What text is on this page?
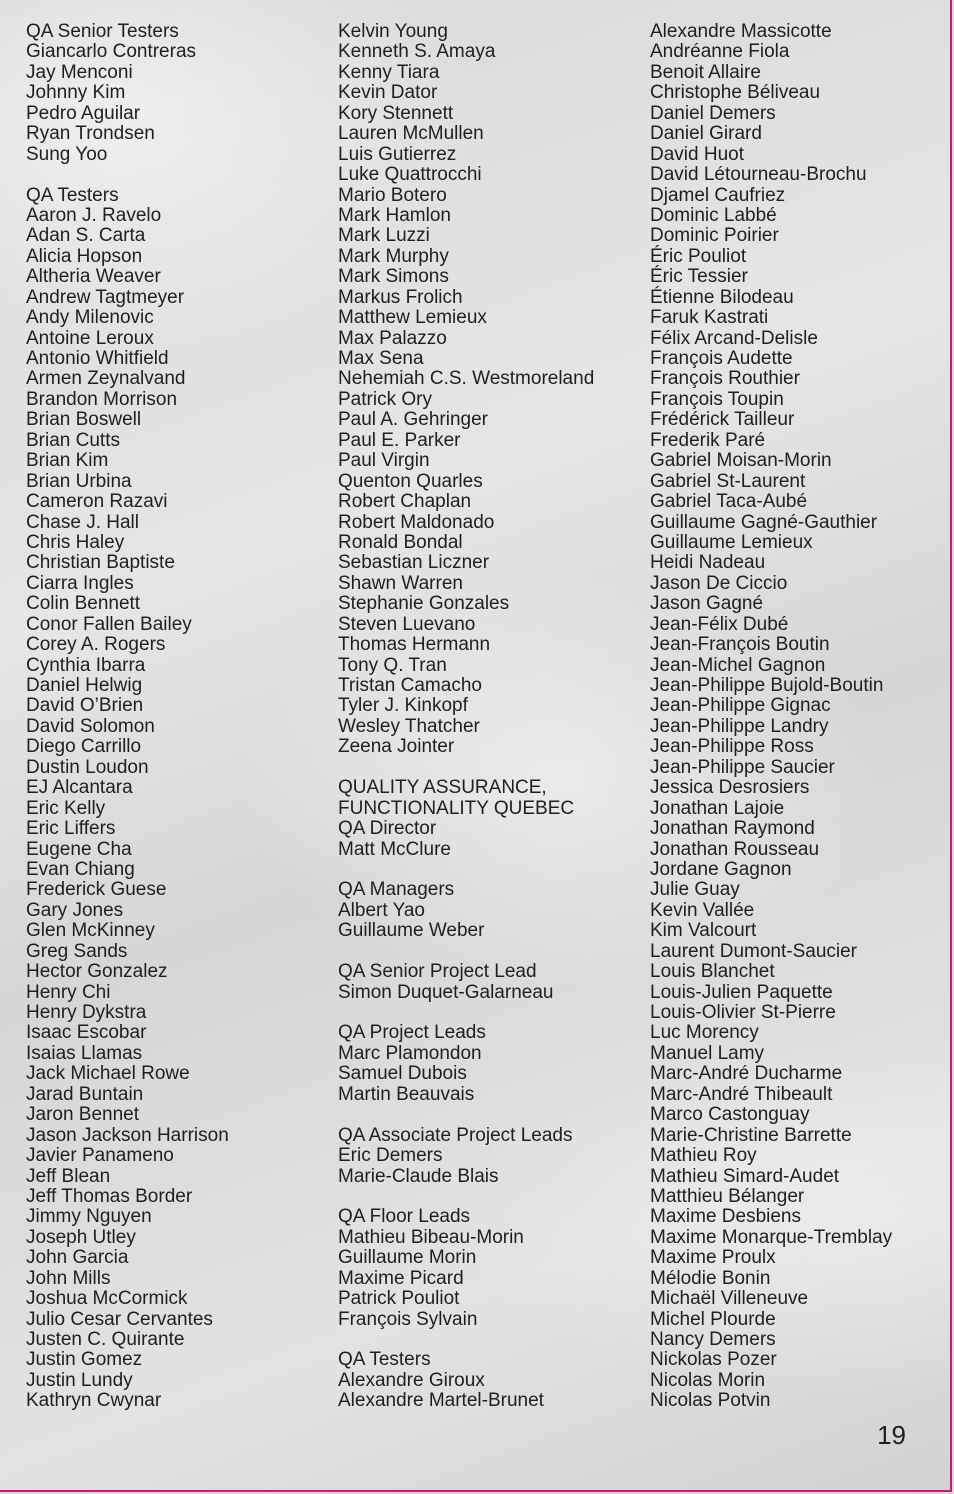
QA Senior Testers
Giancarlo Contreras
Jay Menconi
Johnny Kim
Pedro Aguilar
Ryan Trondsen
Sung Yoo
QA Testers
Aaron J. Ravelo
Adan S. Carta
Alicia Hopson
Altheria Weaver
Andrew Tagtmeyer
Andy Milenovic
Antoine Leroux
Antonio Whitfield
Armen Zeynalvand
Brandon Morrison
Brian Boswell
Brian Cutts
Brian Kim
Brian Urbina
Cameron Razavi
Chase J. Hall
Chris Haley
Christian Baptiste
Ciarra Ingles
Colin Bennett
Conor Fallen Bailey
Corey A. Rogers
Cynthia Ibarra
Daniel Helwig
David O’Brien
David Solomon
Diego Carrillo
Dustin Loudon
EJ Alcantara
Eric Kelly
Eric Liffers
Eugene Cha
Evan Chiang
Frederick Guese
Gary Jones
Glen McKinney
Greg Sands
Hector Gonzalez
Henry Chi
Henry Dykstra
Isaac Escobar
Isaias Llamas
Jack Michael Rowe
Jarad Buntain
Jaron Bennet
Jason Jackson Harrison
Javier Panameno
Jeff Blean
Jeff Thomas Border
Jimmy Nguyen
Joseph Utley
John Garcia
John Mills
Joshua McCormick
Julio Cesar Cervantes
Justen C. Quirante
Justin Gomez
Justin Lundy
Kathryn Cwynar
Kelvin Young
Kenneth S. Amaya
Kenny Tiara
Kevin Dator
Kory Stennett
Lauren McMullen
Luis Gutierrez
Luke Quattrocchi
Mario Botero
Mark Hamlon
Mark Luzzi
Mark Murphy
Mark Simons
Markus Frolich
Matthew Lemieux
Max Palazzo
Max Sena
Nehemiah C.S. Westmoreland
Patrick Ory
Paul A. Gehringer
Paul E. Parker
Paul Virgin
Quenton Quarles
Robert Chaplan
Robert Maldonado
Ronald Bondal
Sebastian Liczner
Shawn Warren
Stephanie Gonzales
Steven Luevano
Thomas Hermann
Tony Q. Tran
Tristan Camacho
Tyler J. Kinkopf
Wesley Thatcher
Zeena Jointer
QUALITY ASSURANCE,
FUNCTIONALITY QUEBEC
QA Director
Matt McClure
QA Managers
Albert Yao
Guillaume Weber
QA Senior Project Lead
Simon Duquet-Galarneau
QA Project Leads
Marc Plamondon
Samuel Dubois
Martin Beauvais
QA Associate Project Leads
Eric Demers
Marie-Claude Blais
QA Floor Leads
Mathieu Bibeau-Morin
Guillaume Morin
Maxime Picard
Patrick Pouliot
François Sylvain
QA Testers
Alexandre Giroux
Alexandre Martel-Brunet
Alexandre Massicotte
Andréanne Fiola
Benoit Allaire
Christophe Béliveau
Daniel Demers
Daniel Girard
David Huot
David Létourneau-Brochu
Djamel Caufriez
Dominic Labbé
Dominic Poirier
Éric Pouliot
Éric Tessier
Étienne Bilodeau
Faruk Kastrati
Félix Arcand-Delisle
François Audette
François Routhier
François Toupin
Frédérick Tailleur
Frederik Paré
Gabriel Moisan-Morin
Gabriel St-Laurent
Gabriel Taca-Aubé
Guillaume Gagné-Gauthier
Guillaume Lemieux
Heidi Nadeau
Jason De Ciccio
Jason Gagné
Jean-Félix Dubé
Jean-François Boutin
Jean-Michel Gagnon
Jean-Philippe Bujold-Boutin
Jean-Philippe Gignac
Jean-Philippe Landry
Jean-Philippe Ross
Jean-Philippe Saucier
Jessica Desrosiers
Jonathan Lajoie
Jonathan Raymond
Jonathan Rousseau
Jordane Gagnon
Julie Guay
Kevin Vallée
Kim Valcourt
Laurent Dumont-Saucier
Louis Blanchet
Louis-Julien Paquette
Louis-Olivier St-Pierre
Luc Morency
Manuel Lamy
Marc-André Ducharme
Marc-André Thibeault
Marco Castonguay
Marie-Christine Barrette
Mathieu Roy
Mathieu Simard-Audet
Matthieu Bélanger
Maxime Desbiens
Maxime Monarque-Tremblay
Maxime Proulx
Mélodie Bonin
Michaël Villeneuve
Michel Plourde
Nancy Demers
Nickolas Pozer
Nicolas Morin
Nicolas Potvin
19
